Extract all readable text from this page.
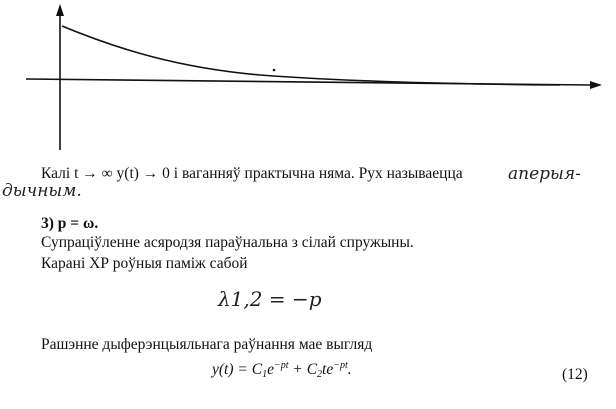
Калі t → ∞ y(t) → 0 і ваганняў практычна няма. Рух называецца	аперыя-
дычным.
3) p = ω.
Супраціўленне асяродзя параўнальна з сілай спружыны.
Карані ХР роўныя паміж сабой
λ1,2 = −p
Рашэнне дыферэнцыяльнага раўнання мае выгляд
$y(t) = C_1e^{-pt} + C_2te^{-pt}$.	(12)
